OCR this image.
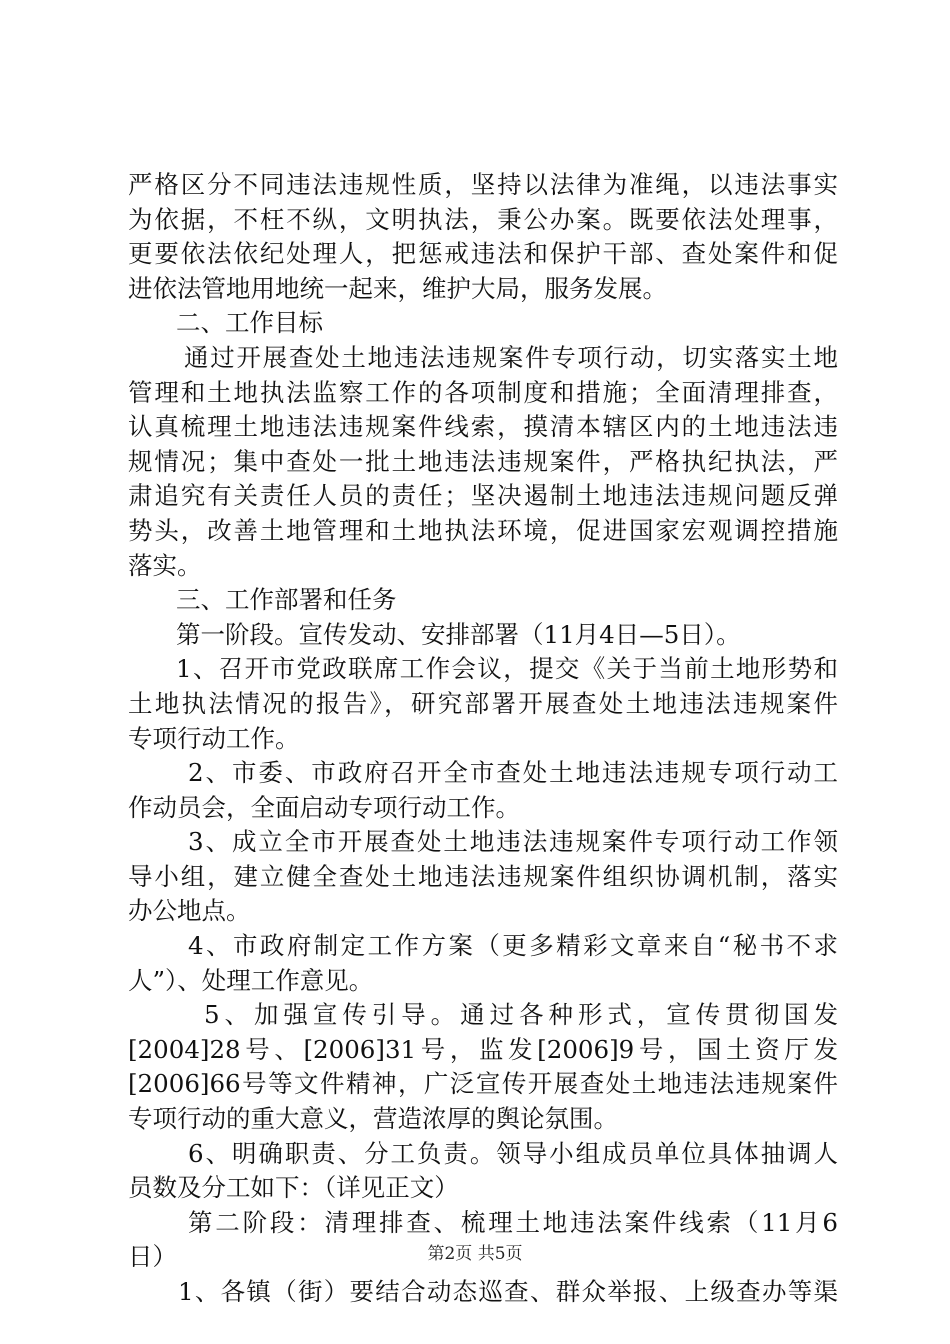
严格区分不同违法违规性质，坚持以法律为准绳，以违法事实
为依据，不枉不纵，文明执法，秉公办案。既要依法处理事，
更要依法依纪处理人，把惩戒违法和保护干部、查处案件和促
进依法管地用地统一起来，维护大局，服务发展。
二、工作目标
通过开展查处土地违法违规案件专项行动，切实落实土地
管理和土地执法监察工作的各项制度和措施；全面清理排查，
认真梳理土地违法违规案件线索，摸清本辖区内的土地违法违
规情况；集中查处一批土地违法违规案件，严格执纪执法，严
肃追究有关责任人员的责任；坚决遏制土地违法违规问题反弹
势头，改善土地管理和土地执法环境，促进国家宏观调控措施
落实。
三、工作部署和任务
第一阶段。宣传发动、安排部署（11月4日—5日）。
1、召开市党政联席工作会议，提交《关于当前土地形势和
土地执法情况的报告》，研究部署开展查处土地违法违规案件
专项行动工作。
2、市委、市政府召开全市查处土地违法违规专项行动工
作动员会，全面启动专项行动工作。
3、成立全市开展查处土地违法违规案件专项行动工作领
导小组，建立健全查处土地违法违规案件组织协调机制，落实
办公地点。
4、市政府制定工作方案（更多精彩文章来自“秘书不求
人”）、处理工作意见。
5、加强宣传引导。通过各种形式，宣传贯彻国发
[2004]28号、[2006]31号，监发[2006]9号，国土资厅发
[2006]66号等文件精神，广泛宣传开展查处土地违法违规案件
专项行动的重大意义，营造浓厚的舆论氛围。
6、明确职责、分工负责。领导小组成员单位具体抽调人
员数及分工如下：（详见正文）
第二阶段：清理排查、梳理土地违法案件线索（11月6
日）
1、各镇（街）要结合动态巡查、群众举报、上级查办等渠
第2页 共5页
